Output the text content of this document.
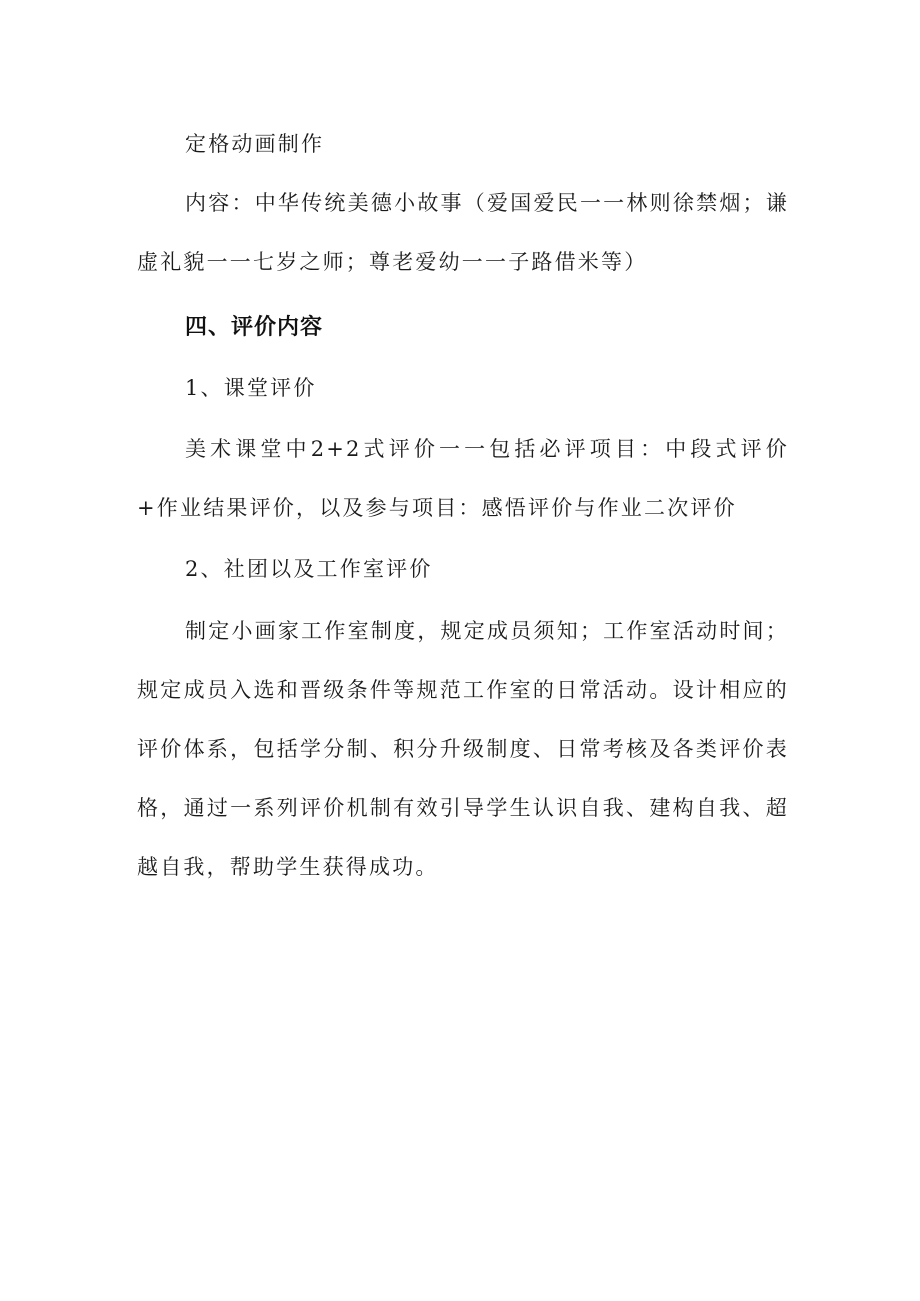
定格动画制作

内容：中华传统美德小故事（爱国爱民一一林则徐禁烟；谦虚礼貌一一七岁之师；尊老爱幼一一子路借米等）

四、评价内容

1、课堂评价

美术课堂中2+2式评价一一包括必评项目：中段式评价+作业结果评价，以及参与项目：感悟评价与作业二次评价

2、社团以及工作室评价

制定小画家工作室制度，规定成员须知；工作室活动时间；规定成员入选和晋级条件等规范工作室的日常活动。设计相应的评价体系，包括学分制、积分升级制度、日常考核及各类评价表格，通过一系列评价机制有效引导学生认识自我、建构自我、超越自我，帮助学生获得成功。
